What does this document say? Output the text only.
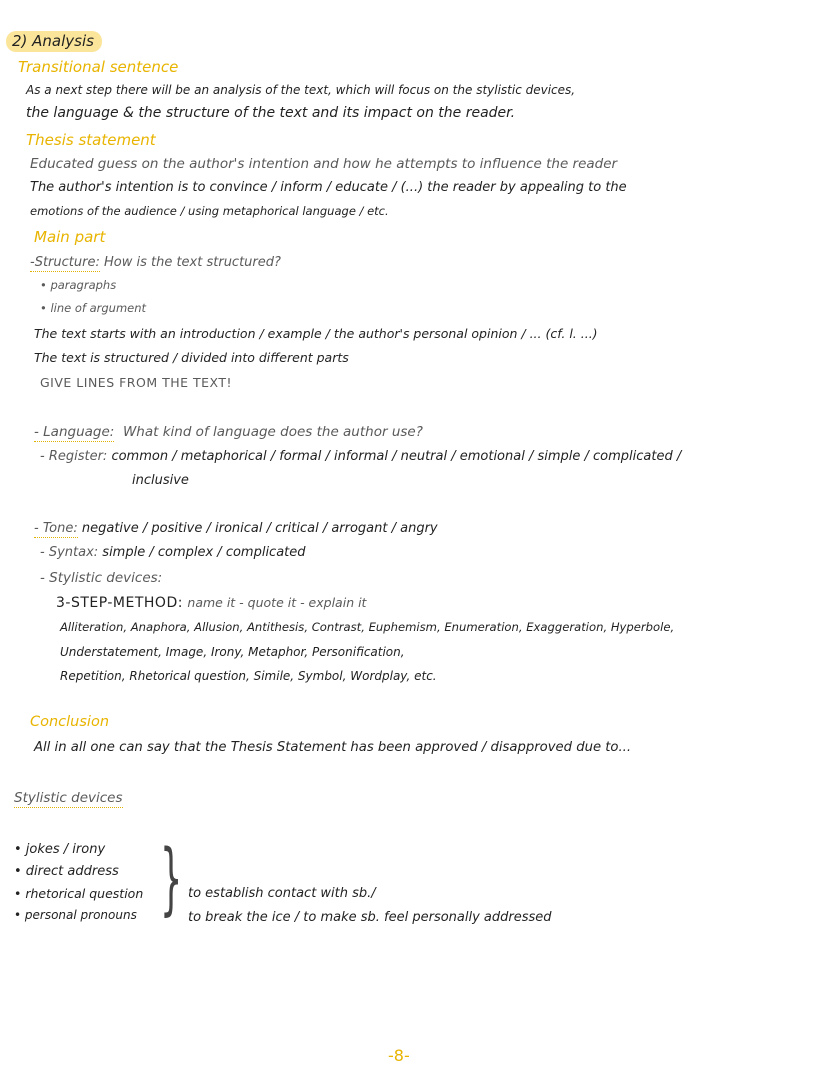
2) Analysis

Transitional sentence

As a next step there will be an analysis of the text, which will focus on the stylistic devices,

the language & the structure of the text and its impact on the reader.

Thesis statement

Educated guess on the author's intention and how he attempts to influence the reader

The author's intention is to convince / inform / educate / (...) the reader by appealing to the

emotions of the audience / using metaphorical language / etc.

Main part

-Structure: How is the text structured?

• paragraphs

• line of argument

The text starts with an introduction / example / the author's personal opinion / ... (cf. l. ...)

The text is structured / divided into different parts

GIVE LINES FROM THE TEXT!

- Language: What kind of language does the author use?

- Register: common / metaphorical / formal / informal / neutral / emotional / simple / complicated /

inclusive

- Tone: negative / positive / ironical / critical / arrogant / angry

- Syntax: simple / complex / complicated

- Stylistic devices:

3-STEP-METHOD: name it - quote it - explain it

Alliteration, Anaphora, Allusion, Antithesis, Contrast, Euphemism, Enumeration, Exaggeration, Hyperbole,

Understatement, Image, Irony, Metaphor, Personification,

Repetition, Rhetorical question, Simile, Symbol, Wordplay, etc.

Conclusion

All in all one can say that the Thesis Statement has been approved / disapproved due to...

Stylistic devices

• jokes / irony

• direct address

• rhetorical question

• personal pronouns } to establish contact with sb./

to break the ice / to make sb. feel personally addressed

-8-
